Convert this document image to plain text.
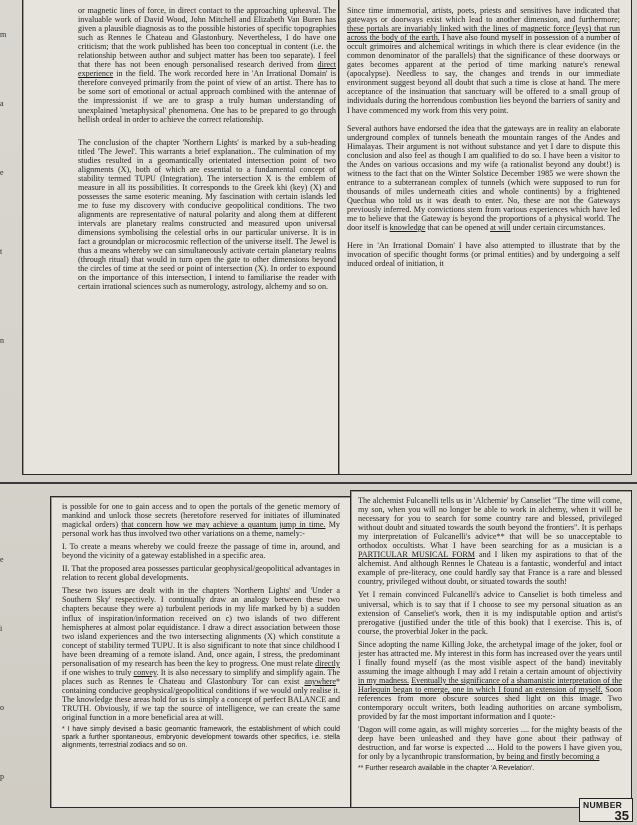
m
a
e
t
n
e
i
o
p

or magnetic lines of force, in direct contact to the approaching upheaval. The invaluable work of David Wood, John Mitchell and Elizabeth Van Buren has given a plausible diagnosis as to the possible histories of specific topographies such as Rennes le Chateau and Glastonbury. Nevertheless, I do have one criticism; that the work published has been too conceptual in content (i.e. the relationship between author and subject matter has been too separate). I feel that there has not been enough personalised research derived from direct experience in the field. The work recorded here in 'An Irrational Domain' is therefore conveyed primarily from the point of view of an artist. There has to be some sort of emotional or actual approach combined with the antennae of the impressionist if we are to grasp a truly human understanding of unexplained 'metaphysical' phenomena. One has to be prepared to go through hellish ordeal in order to achieve the correct relationship.

The conclusion of the chapter 'Northern Lights' is marked by a sub-heading titled 'The Jewel'. This warrants a brief explanation.. The culmination of my studies resulted in a geomantically orientated intersection point of two alignments (X), both of which are essential to a fundamental concept of stability termed TUPU (Integration). The intersection X is the emblem of measure in all its possibilities. It corresponds to the Greek khi (key) (X) and possesses the same esoteric meaning. My fascination with certain islands led me to fuse my discovery with conducive geopolitical conditions. The two alignments are representative of natural polarity and along them at different intervals are planetary realms constructed and measured upon universal dimensions symbolising the celestial orbs in our particular universe. It is in fact a groundplan or microcosmic reflection of the universe itself. The Jewel is thus a means whereby we can simultaneously activate certain planetary realms (through ritual) that would in turn open the gate to other dimensions beyond the circles of time at the seed or point of intersection (X). In order to expound on the importance of this intersection, I intend to familiarise the reader with certain irrational sciences such as numerology, astrology, alchemy and so on.

Since time immemorial, artists, poets, priests and sensitives have indicated that gateways or doorways exist which lead to another dimension, and furthermore; these portals are invariably linked with the lines of magnetic force (leys) that run across the body of the earth. I have also found myself in possession of a number of occult grimoires and alchemical writings in which there is clear evidence (in the common denominator of the parallels) that the significance of these doorways or gates becomes apparent at the period of time marking nature's renewal (apocalypse). Needless to say, the changes and trends in our immediate environment suggest beyond all doubt that such a time is close at hand. The mere acceptance of the insinuation that sanctuary will be offered to a small group of individuals during the horrendous combustion lies beyond the barriers of sanity and I have commenced my work from this very point.

Several authors have endorsed the idea that the gateways are in reality an elaborate underground complex of tunnels beneath the mountain ranges of the Andes and Himalayas. Their argument is not without substance and yet I dare to dispute this conclusion and also feel as though I am qualified to do so. I have been a visitor to the Andes on various occasions and my wife (a rationalist beyond any doubt!) is witness to the fact that on the Winter Solstice December 1985 we were shown the entrance to a subterranean complex of tunnels (which were supposed to run for thousands of miles underneath cities and whole continents) by a frightened Quechua who told us it was death to enter. No, these are not the Gateways previously inferred. My convictions stem from various experiences which have led me to believe that the Gateway is beyond the proportions of a physical world. The door itself is knowledge that can be opened at will under certain circumstances.

Here in 'An Irrational Domain' I have also attempted to illustrate that by the invocation of specific thought forms (or primal entities) and by undergoing a self induced ordeal of initiation, it

is possible for one to gain access and to open the portals of the genetic memory of mankind and unlock those secrets (heretofore reserved for initiates of illuminated magickal orders) that concern how we may achieve a quantum jump in time. My personal work has thus involved two other variations on a theme, namely:-

I. To create a means whereby we could freeze the passage of time in, around, and beyond the vicinity of a gateway established in a specific area.

II. That the proposed area possesses particular geophysical/geopolitical advantages in relation to recent global developments.

These two issues are dealt with in the chapters 'Northern Lights' and 'Under a Southern Sky' respectively. I continually draw an analogy between these two chapters because they were a) turbulent periods in my life marked by b) a sudden influx of inspiration/information received on c) two islands of two different hemispheres at almost polar equidistance. I draw a direct association between those two island experiences and the two intersecting alignments (X) which constitute a concept of stability termed TUPU. It is also significant to note that since childhood I have been dreaming of a remote island. And, once again, I stress, the predominant personalisation of my research has been the key to progress. One must relate directly if one wishes to truly convey. It is also necessary to simplify and simplify again. The places such as Rennes le Chateau and Glastonbury Tor can exist anywhere* containing conducive geophysical/geopolitical conditions if we would only realise it. The knowledge these areas hold for us is simply a concept of perfect BALANCE and TRUTH. Obviously, if we tap the source of intelligence, we can create the same original function in a more beneficial area at will.

* I have simply devised a basic geomantic framework, the establishment of which could spark a further spontaneous, embryonic development towards other specifics, i.e. stella alignments, terrestrial zodiacs and so on.

The alchemist Fulcanelli tells us in 'Alchemie' by Canseliet "The time will come, my son, when you will no longer be able to work in alchemy, when it will be necessary for you to search for some country rare and blessed, privileged without doubt and situated towards the south beyond the frontiers". It is perhaps my interpretation of Fulcanelli's advice** that will be so unacceptable to orthodox occultists. What I have been searching for as a musician is a PARTICULAR MUSICAL FORM and I liken my aspirations to that of the alchemist. And although Rennes le Chateau is a fantastic, wonderful and intact example of pre-literacy, one could hardly say that France is a rare and blessed country, privileged without doubt, or situated towards the south!

Yet I remain convinced Fulcanelli's advice to Canseliet is both timeless and universal, which is to say that if I choose to see my personal situation as an extension of Canseliet's work, then it is my indisputable option and artist's prerogative (justified under the title of this book) that I exercise. This is, of course, the proverbial Joker in the pack.

Since adopting the name Killing Joke, the archetypal image of the joker, fool or jester has attracted me. My interest in this form has increased over the years until I finally found myself (as the most visible aspect of the band) inevitably assuming the image although I may add I retain a certain amount of objectivity in my madness. Eventually the significance of a shamanistic interpretation of the Harlequin began to emerge, one in which I found an extension of myself. Soon references from more obscure sources shed light on this image. Two contemporary occult writers, both leading authorities on arcane symbolism, provided by far the most important information and I quote:-

'Dagon will come again, as will mighty sorceries .... for the mighty beasts of the deep have been unleashed and they have gone about their pathway of destruction, and far worse is expected .... Hold to the powers I have given you, for only by a lycanthropic transformation, by being and firstly becoming a

** Further research available in the chapter 'A Revelation'.

NUMBER
35
